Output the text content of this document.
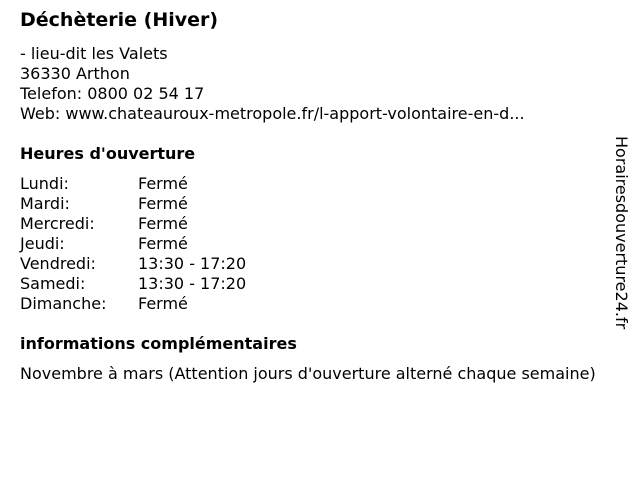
Déchèterie (Hiver)
- lieu-dit les Valets
36330 Arthon
Telefon: 0800 02 54 17
Web: www.chateauroux-metropole.fr/l-apport-volontaire-en-d...
Heures d'ouverture
Lundi:	Fermé
Mardi:	Fermé
Mercredi:	Fermé
Jeudi:	Fermé
Vendredi:	13:30 - 17:20
Samedi:	13:30 - 17:20
Dimanche: Fermé
informations complémentaires
Novembre à mars (Attention jours d'ouverture alterné chaque semaine)
Horairesdouverture24.fr
